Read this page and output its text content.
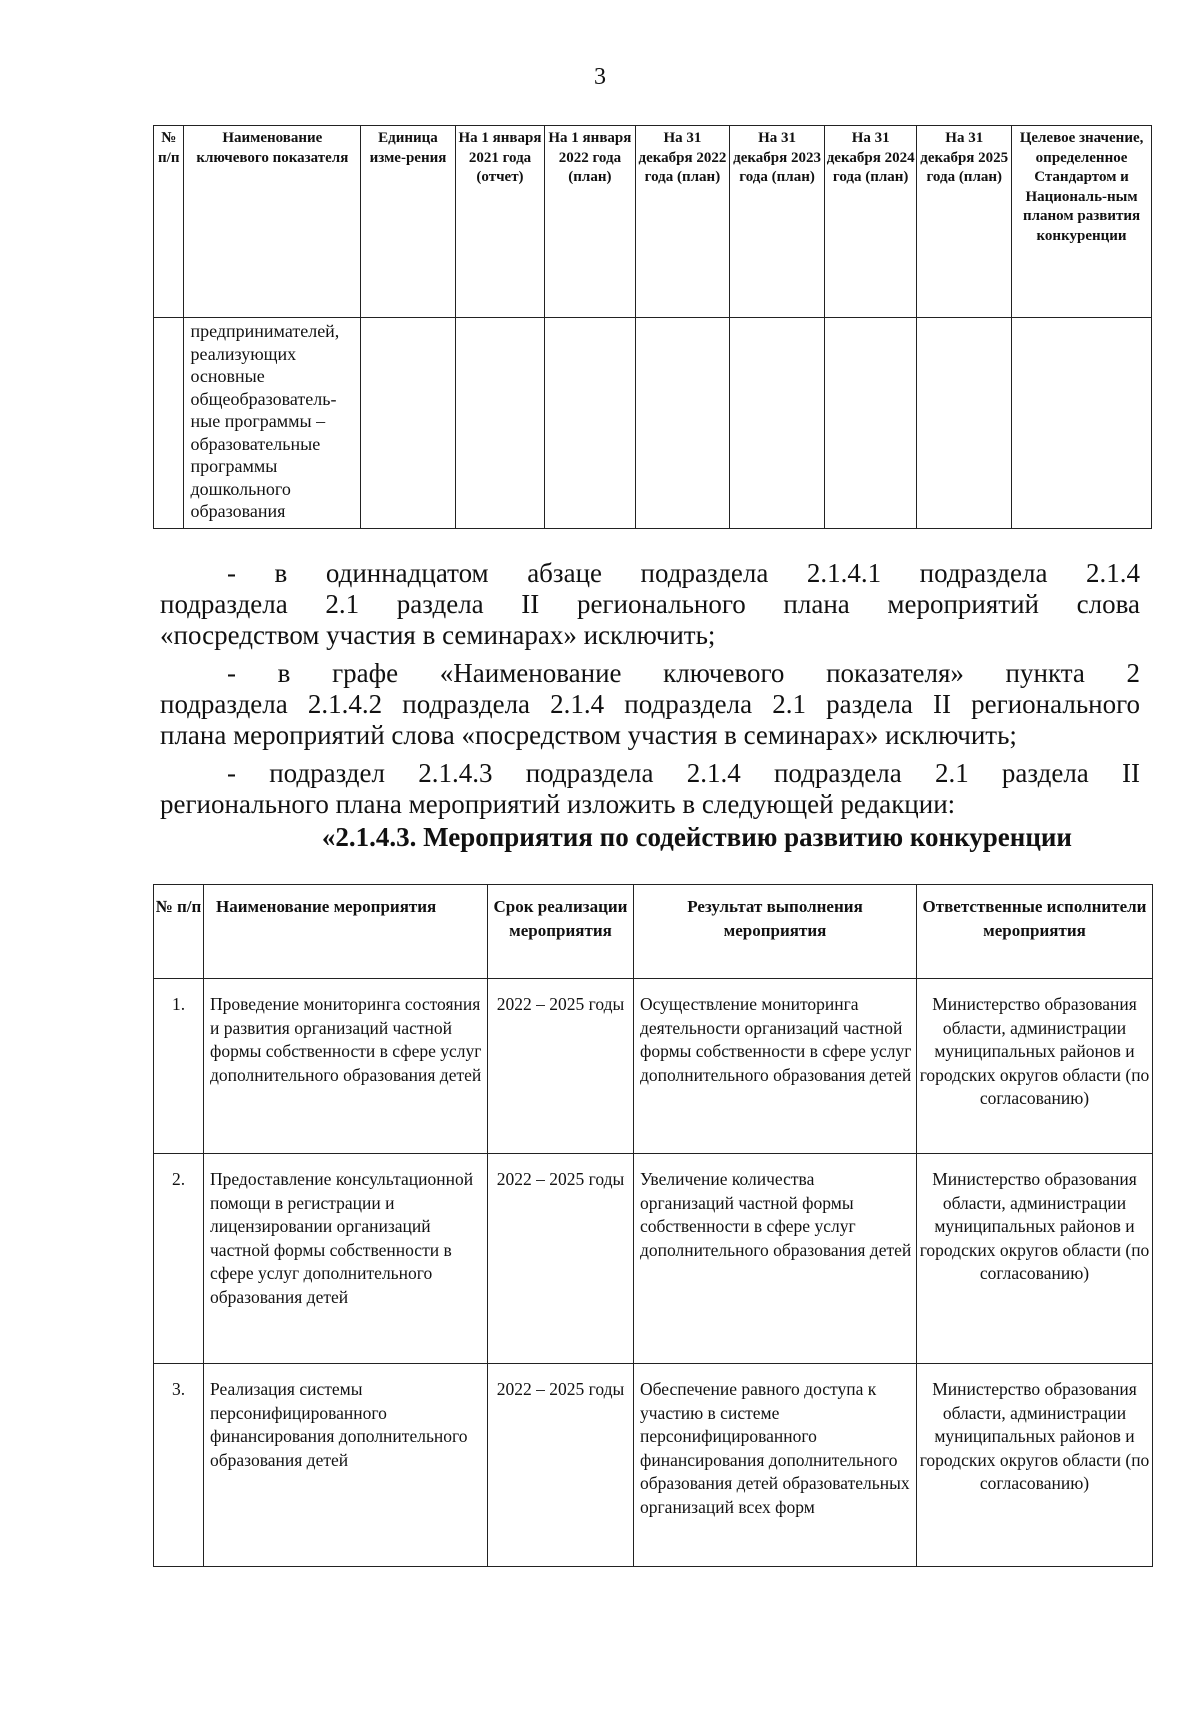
3
№ п/п	Наименование ключевого показателя	Единица изме-рения	На 1 января 2021 года (отчет)	На 1 января 2022 года (план)	На 31 декабря 2022 года (план)	На 31 декабря 2023 года (план)	На 31 декабря 2024 года (план)	На 31 декабря 2025 года (план)	Целевое значение, определенное Стандартом и Националь-ным планом развития конкуренции
	предпринимателей, реализующих основные общеобразователь-ные программы – образовательные программы дошкольного образования								
- в одиннадцатом абзаце подраздела 2.1.4.1 подраздела 2.1.4
подраздела 2.1 раздела II регионального плана мероприятий слова
«посредством участия в семинарах» исключить;
- в графе «Наименование ключевого показателя» пункта 2
подраздела 2.1.4.2 подраздела 2.1.4 подраздела 2.1 раздела II регионального
плана мероприятий слова «посредством участия в семинарах» исключить;
- подраздел 2.1.4.3 подраздела 2.1.4 подраздела 2.1 раздела II
регионального плана мероприятий изложить в следующей редакции:
«2.1.4.3. Мероприятия по содействию развитию конкуренции
№ п/п	Наименование мероприятия	Срок реализации мероприятия	Результат выполнения мероприятия	Ответственные исполнители мероприятия
1.	Проведение мониторинга состояния и развития организаций частной формы собственности в сфере услуг дополнительного образования детей	2022 – 2025 годы	Осуществление мониторинга деятельности организаций частной формы собственности в сфере услуг дополнительного образования детей	Министерство образования области, администрации муниципальных районов и городских округов области (по согласованию)
2.	Предоставление консультационной помощи в регистрации и лицензировании организаций частной формы собственности в сфере услуг дополнительного образования детей	2022 – 2025 годы	Увеличение количества организаций частной формы собственности в сфере услуг дополнительного образования детей	Министерство образования области, администрации муниципальных районов и городских округов области (по согласованию)
3.	Реализация системы персонифицированного финансирования дополнительного образования детей	2022 – 2025 годы	Обеспечение равного доступа к участию в системе персонифицированного финансирования дополнительного образования детей образовательных организаций всех форм	Министерство образования области, администрации муниципальных районов и городских округов области (по согласованию)
